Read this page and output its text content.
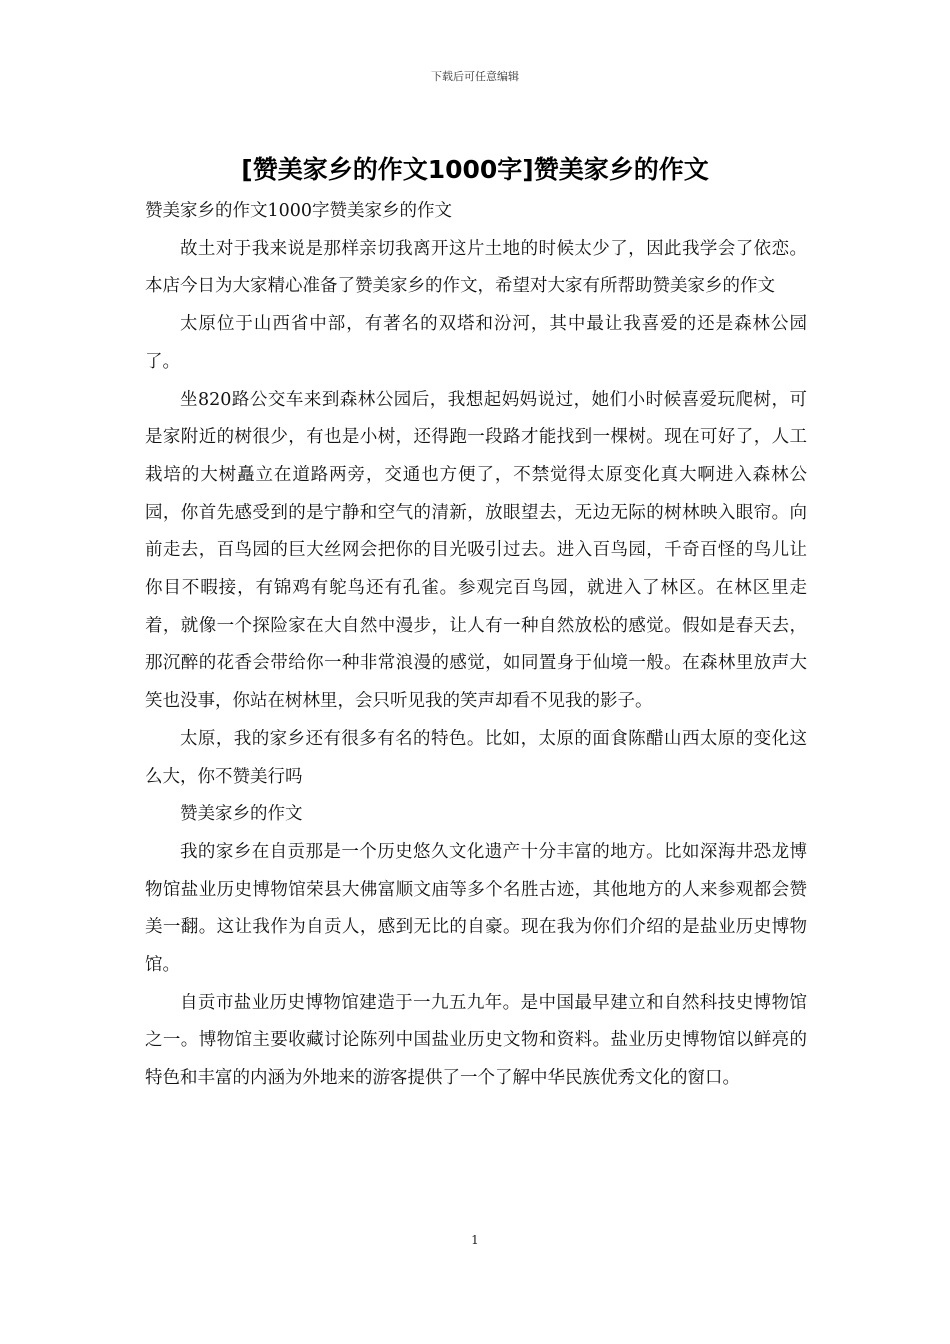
下载后可任意编辑
[赞美家乡的作文1000字]赞美家乡的作文

赞美家乡的作文1000字赞美家乡的作文

故土对于我来说是那样亲切我离开这片土地的时候太少了，因此我学会了依恋。本店今日为大家精心准备了赞美家乡的作文，希望对大家有所帮助赞美家乡的作文

太原位于山西省中部，有著名的双塔和汾河，其中最让我喜爱的还是森林公园了。

坐820路公交车来到森林公园后，我想起妈妈说过，她们小时候喜爱玩爬树，可是家附近的树很少，有也是小树，还得跑一段路才能找到一棵树。现在可好了，人工栽培的大树矗立在道路两旁，交通也方便了，不禁觉得太原变化真大啊进入森林公园，你首先感受到的是宁静和空气的清新，放眼望去，无边无际的树林映入眼帘。向前走去，百鸟园的巨大丝网会把你的目光吸引过去。进入百鸟园，千奇百怪的鸟儿让你目不暇接，有锦鸡有鸵鸟还有孔雀。参观完百鸟园，就进入了林区。在林区里走着，就像一个探险家在大自然中漫步，让人有一种自然放松的感觉。假如是春天去，那沉醉的花香会带给你一种非常浪漫的感觉，如同置身于仙境一般。在森林里放声大笑也没事，你站在树林里，会只听见我的笑声却看不见我的影子。

太原，我的家乡还有很多有名的特色。比如，太原的面食陈醋山西太原的变化这么大，你不赞美行吗

赞美家乡的作文

我的家乡在自贡那是一个历史悠久文化遗产十分丰富的地方。比如深海井恐龙博物馆盐业历史博物馆荣县大佛富顺文庙等多个名胜古迹，其他地方的人来参观都会赞美一翻。这让我作为自贡人，感到无比的自豪。现在我为你们介绍的是盐业历史博物馆。

自贡市盐业历史博物馆建造于一九五九年。是中国最早建立和自然科技史博物馆之一。博物馆主要收藏讨论陈列中国盐业历史文物和资料。盐业历史博物馆以鲜亮的特色和丰富的内涵为外地来的游客提供了一个了解中华民族优秀文化的窗口。

1
